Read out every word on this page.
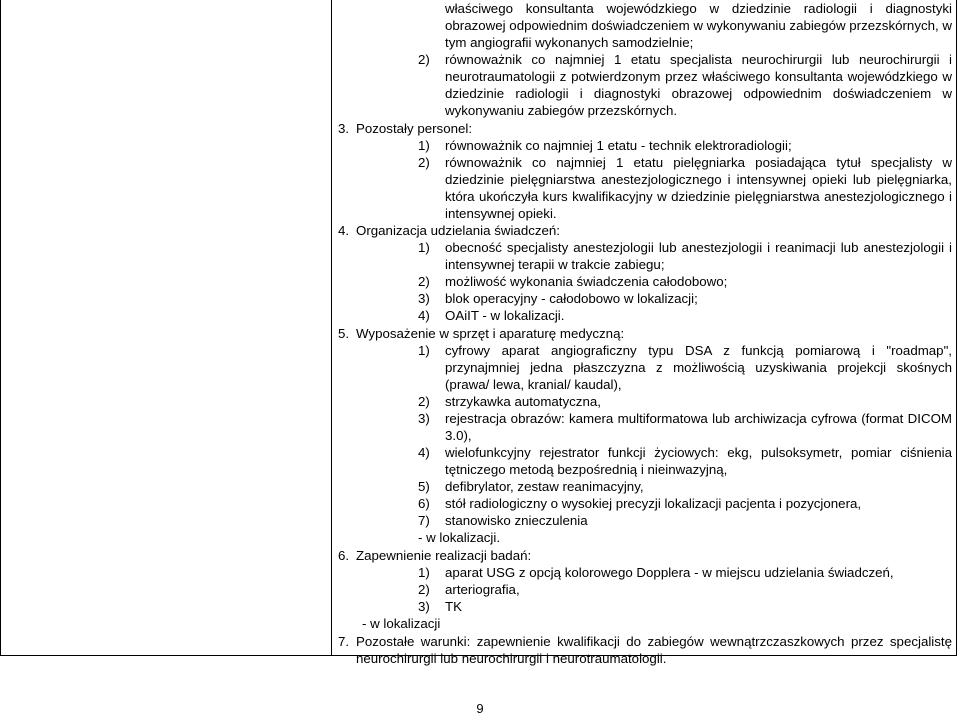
właściwego konsultanta wojewódzkiego w dziedzinie radiologii i diagnostyki obrazowej odpowiednim doświadczeniem w wykonywaniu zabiegów przezskórnych, w tym angiografii wykonanych samodzielnie;

2) równoważnik co najmniej 1 etatu specjalista neurochirurgii lub neurochirurgii i neurotraumatologii z potwierdzonym przez właściwego konsultanta wojewódzkiego w dziedzinie radiologii i diagnostyki obrazowej odpowiednim doświadczeniem w wykonywaniu zabiegów przezskórnych.
3. Pozostały personel:
1) równoważnik co najmniej 1 etatu - technik elektroradiologii;
2) równoważnik co najmniej 1 etatu pielęgniarka posiadająca tytuł specjalisty w dziedzinie pielęgniarstwa anestezjologicznego i intensywnej opieki lub pielęgniarka, która ukończyła kurs kwalifikacyjny w dziedzinie pielęgniarstwa anestezjologicznego i intensywnej opieki.
4. Organizacja udzielania świadczeń:
1) obecność specjalisty anestezjologii lub anestezjologii i reanimacji lub anestezjologii i intensywnej terapii w trakcie zabiegu;
2) możliwość wykonania świadczenia całodobowo;
3) blok operacyjny - całodobowo w lokalizacji;
4) OAiIT - w lokalizacji.
5. Wyposażenie w sprzęt i aparaturę medyczną:
1) cyfrowy aparat angiograficzny typu DSA z funkcją pomiarową i "roadmap", przynajmniej jedna płaszczyzna z możliwością uzyskiwania projekcji skośnych (prawa/ lewa, kranial/ kaudal),
2) strzykawka automatyczna,
3) rejestracja obrazów: kamera multiformatowa lub archiwizacja cyfrowa (format DICOM 3.0),
4) wielofunkcyjny rejestrator funkcji życiowych: ekg, pulsoksymetr, pomiar ciśnienia tętniczego metodą bezpośrednią i nieinwazyjną,
5) defibrylator, zestaw reanimacyjny,
6) stół radiologiczny o wysokiej precyzji lokalizacji pacjenta i pozycjonera,
7) stanowisko znieczulenia

- w lokalizacji.

6. Zapewnienie realizacji badań:
1) aparat USG z opcją kolorowego Dopplera - w miejscu udzielania świadczeń,
2) arteriografia,
3) TK

- w lokalizacji

7. Pozostałe warunki: zapewnienie kwalifikacji do zabiegów wewnątrzczaszkowych przez specjalistę neurochirurgii lub neurochirurgii i neurotraumatologii.
9
